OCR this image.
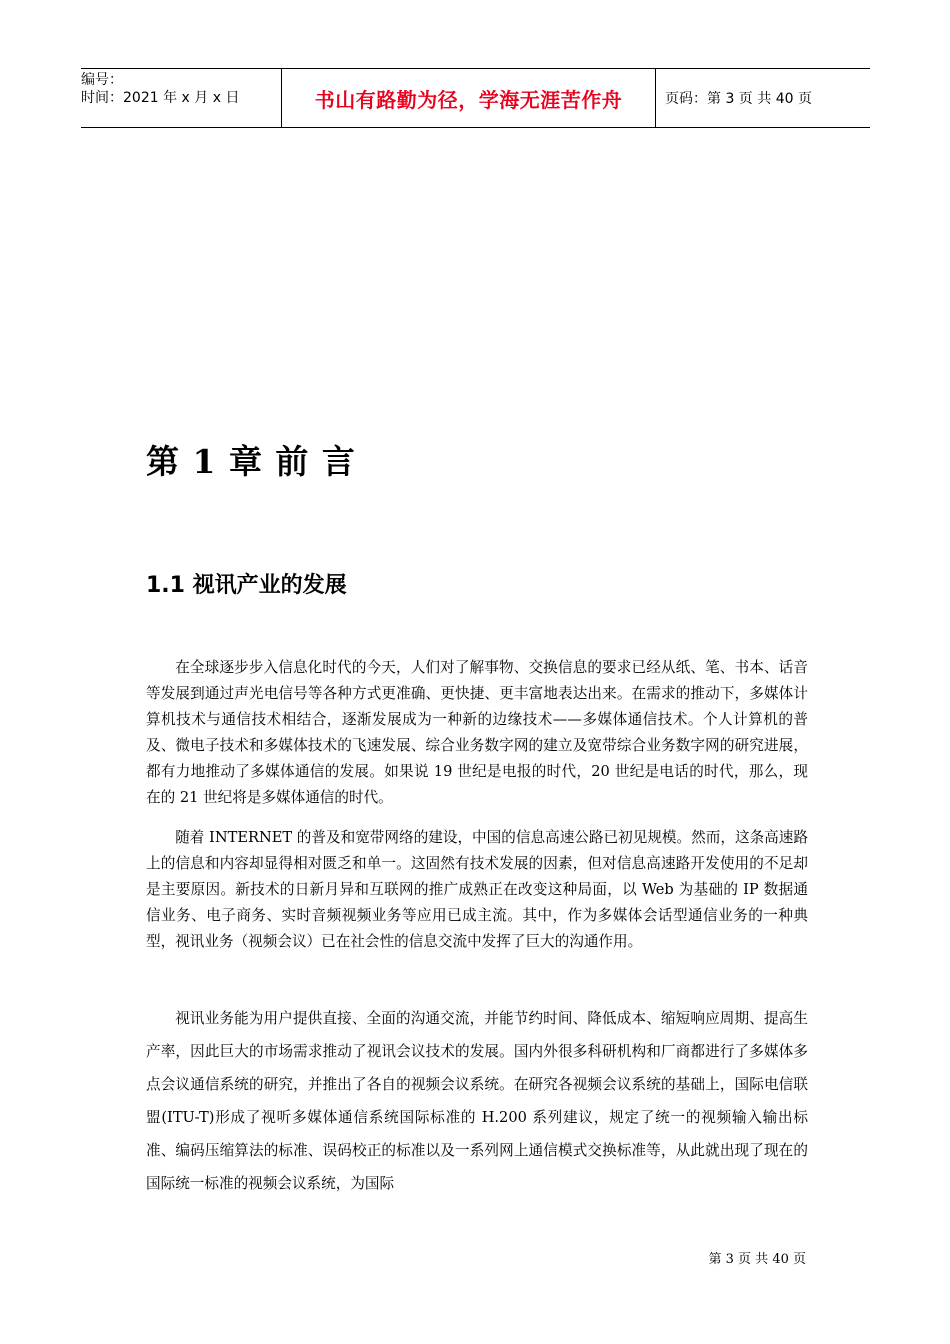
编号：
时间：2021 年 x 月 x 日	书山有路勤为径，学海无涯苦作舟	页码：第 3 页 共 40 页
第 1 章 前 言
1.1 视讯产业的发展

在全球逐步步入信息化时代的今天，人们对了解事物、交换信息的要求已经从纸、笔、书本、话音等发展到通过声光电信号等各种方式更准确、更快捷、更丰富地表达出来。在需求的推动下，多媒体计算机技术与通信技术相结合，逐渐发展成为一种新的边缘技术——多媒体通信技术。个人计算机的普及、微电子技术和多媒体技术的飞速发展、综合业务数字网的建立及宽带综合业务数字网的研究进展，都有力地推动了多媒体通信的发展。如果说 19 世纪是电报的时代，20 世纪是电话的时代，那么，现在的 21 世纪将是多媒体通信的时代。

随着 INTERNET 的普及和宽带网络的建设，中国的信息高速公路已初见规模。然而，这条高速路上的信息和内容却显得相对匮乏和单一。这固然有技术发展的因素，但对信息高速路开发使用的不足却是主要原因。新技术的日新月异和互联网的推广成熟正在改变这种局面，以 Web 为基础的 IP 数据通信业务、电子商务、实时音频视频业务等应用已成主流。其中，作为多媒体会话型通信业务的一种典型，视讯业务（视频会议）已在社会性的信息交流中发挥了巨大的沟通作用。

视讯业务能为用户提供直接、全面的沟通交流，并能节约时间、降低成本、缩短响应周期、提高生产率，因此巨大的市场需求推动了视讯会议技术的发展。国内外很多科研机构和厂商都进行了多媒体多点会议通信系统的研究，并推出了各自的视频会议系统。在研究各视频会议系统的基础上，国际电信联盟(ITU-T)形成了视听多媒体通信系统国际标准的 H.200 系列建议，规定了统一的视频输入输出标准、编码压缩算法的标准、误码校正的标准以及一系列网上通信模式交换标准等，从此就出现了现在的国际统一标准的视频会议系统，为国际

第 3 页 共 40 页
